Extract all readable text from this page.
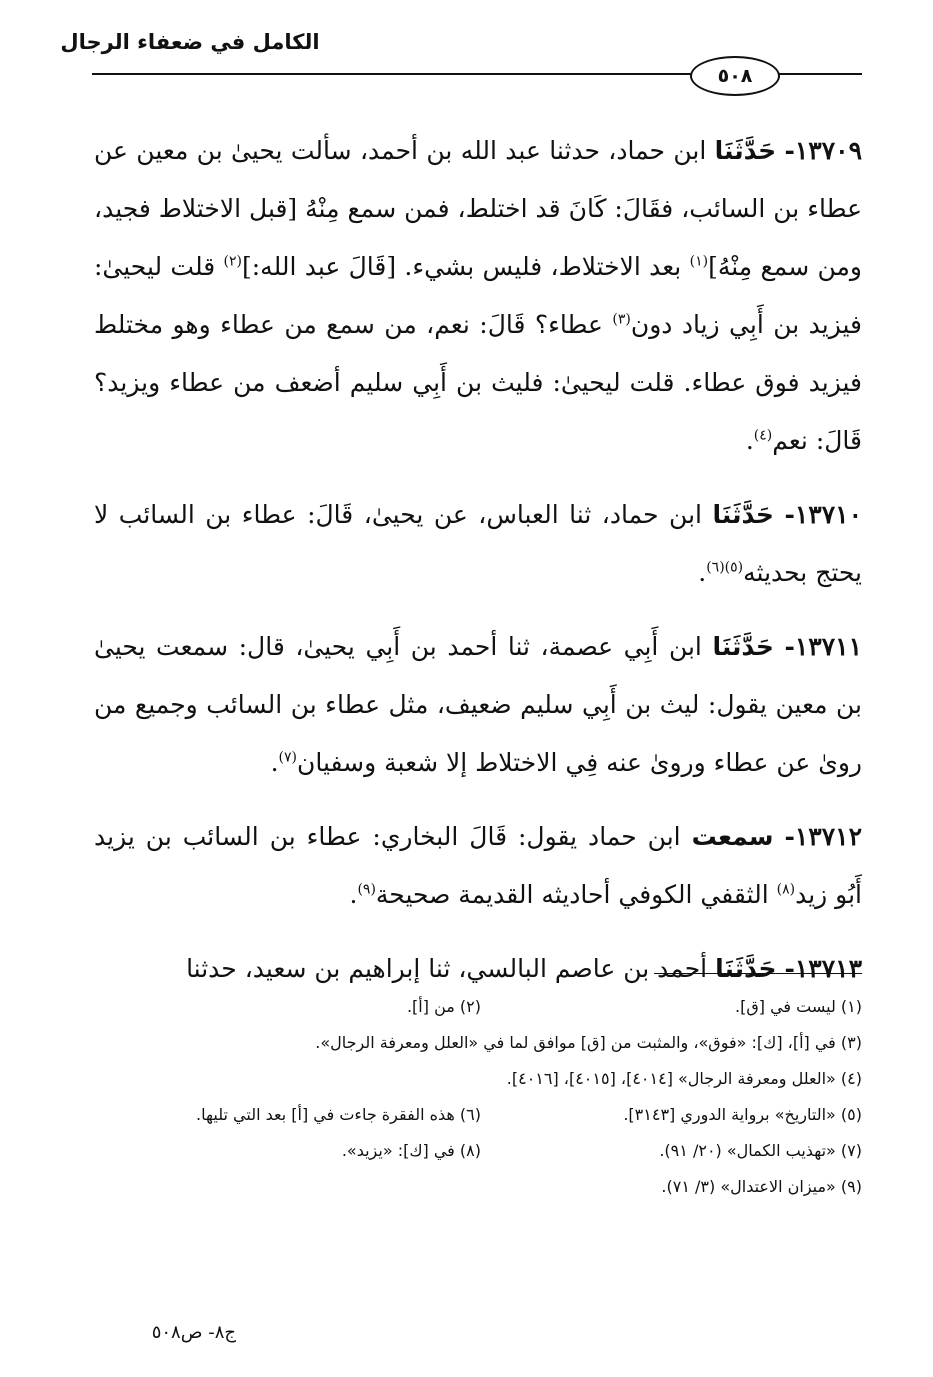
الكامل في ضعفاء الرجال
٥٠٨

١٣٧٠٩- حَدَّثَنَا ابن حماد، حدثنا عبد الله بن أحمد، سألت يحيىٰ بن معين عن عطاء بن السائب، فقَالَ: كَانَ قد اختلط، فمن سمع مِنْهُ [قبل الاختلاط فجيد، ومن سمع مِنْهُ]$^{(١)}$ بعد الاختلاط، فليس بشيء. [قَالَ عبد الله:]$^{(٢)}$ قلت ليحيىٰ: فيزيد بن أَبِي زياد دون$^{(٣)}$ عطاء؟ قَالَ: نعم، من سمع من عطاء وهو مختلط فيزيد فوق عطاء. قلت ليحيىٰ: فليث بن أَبِي سليم أضعف من عطاء ويزيد؟ قَالَ: نعم$^{(٤)}$.

١٣٧١٠- حَدَّثَنَا ابن حماد، ثنا العباس، عن يحيىٰ، قَالَ: عطاء بن السائب لا يحتج بحديثه$^{(٥)(٦)}$.

١٣٧١١- حَدَّثَنَا ابن أَبِي عصمة، ثنا أحمد بن أَبِي يحيىٰ، قال: سمعت يحيىٰ بن معين يقول: ليث بن أَبِي سليم ضعيف، مثل عطاء بن السائب وجميع من روىٰ عن عطاء وروىٰ عنه فِي الاختلاط إلا شعبة وسفيان$^{(٧)}$.

١٣٧١٢- سمعت ابن حماد يقول: قَالَ البخاري: عطاء بن السائب بن يزيد أَبُو زيد$^{(٨)}$ الثقفي الكوفي أحاديثه القديمة صحيحة$^{(٩)}$.

١٣٧١٣- حَدَّثَنَا أحمد بن عاصم البالسي، ثنا إبراهيم بن سعيد، حدثنا

(١) ليست في [ق].
(٢) من [أ].
(٣) في [أ]، [ك]: «فوق»، والمثبت من [ق] موافق لما في «العلل ومعرفة الرجال».
(٤) «العلل ومعرفة الرجال» [٤٠١٤]، [٤٠١٥]، [٤٠١٦].
(٥) «التاريخ» برواية الدوري [٣١٤٣].
(٦) هذه الفقرة جاءت في [أ] بعد التي تليها.
(٧) «تهذيب الكمال» (٢٠/ ٩١).
(٨) في [ك]: «يزيد».
(٩) «ميزان الاعتدال» (٣/ ٧١).
ج٨- ص٥٠٨
